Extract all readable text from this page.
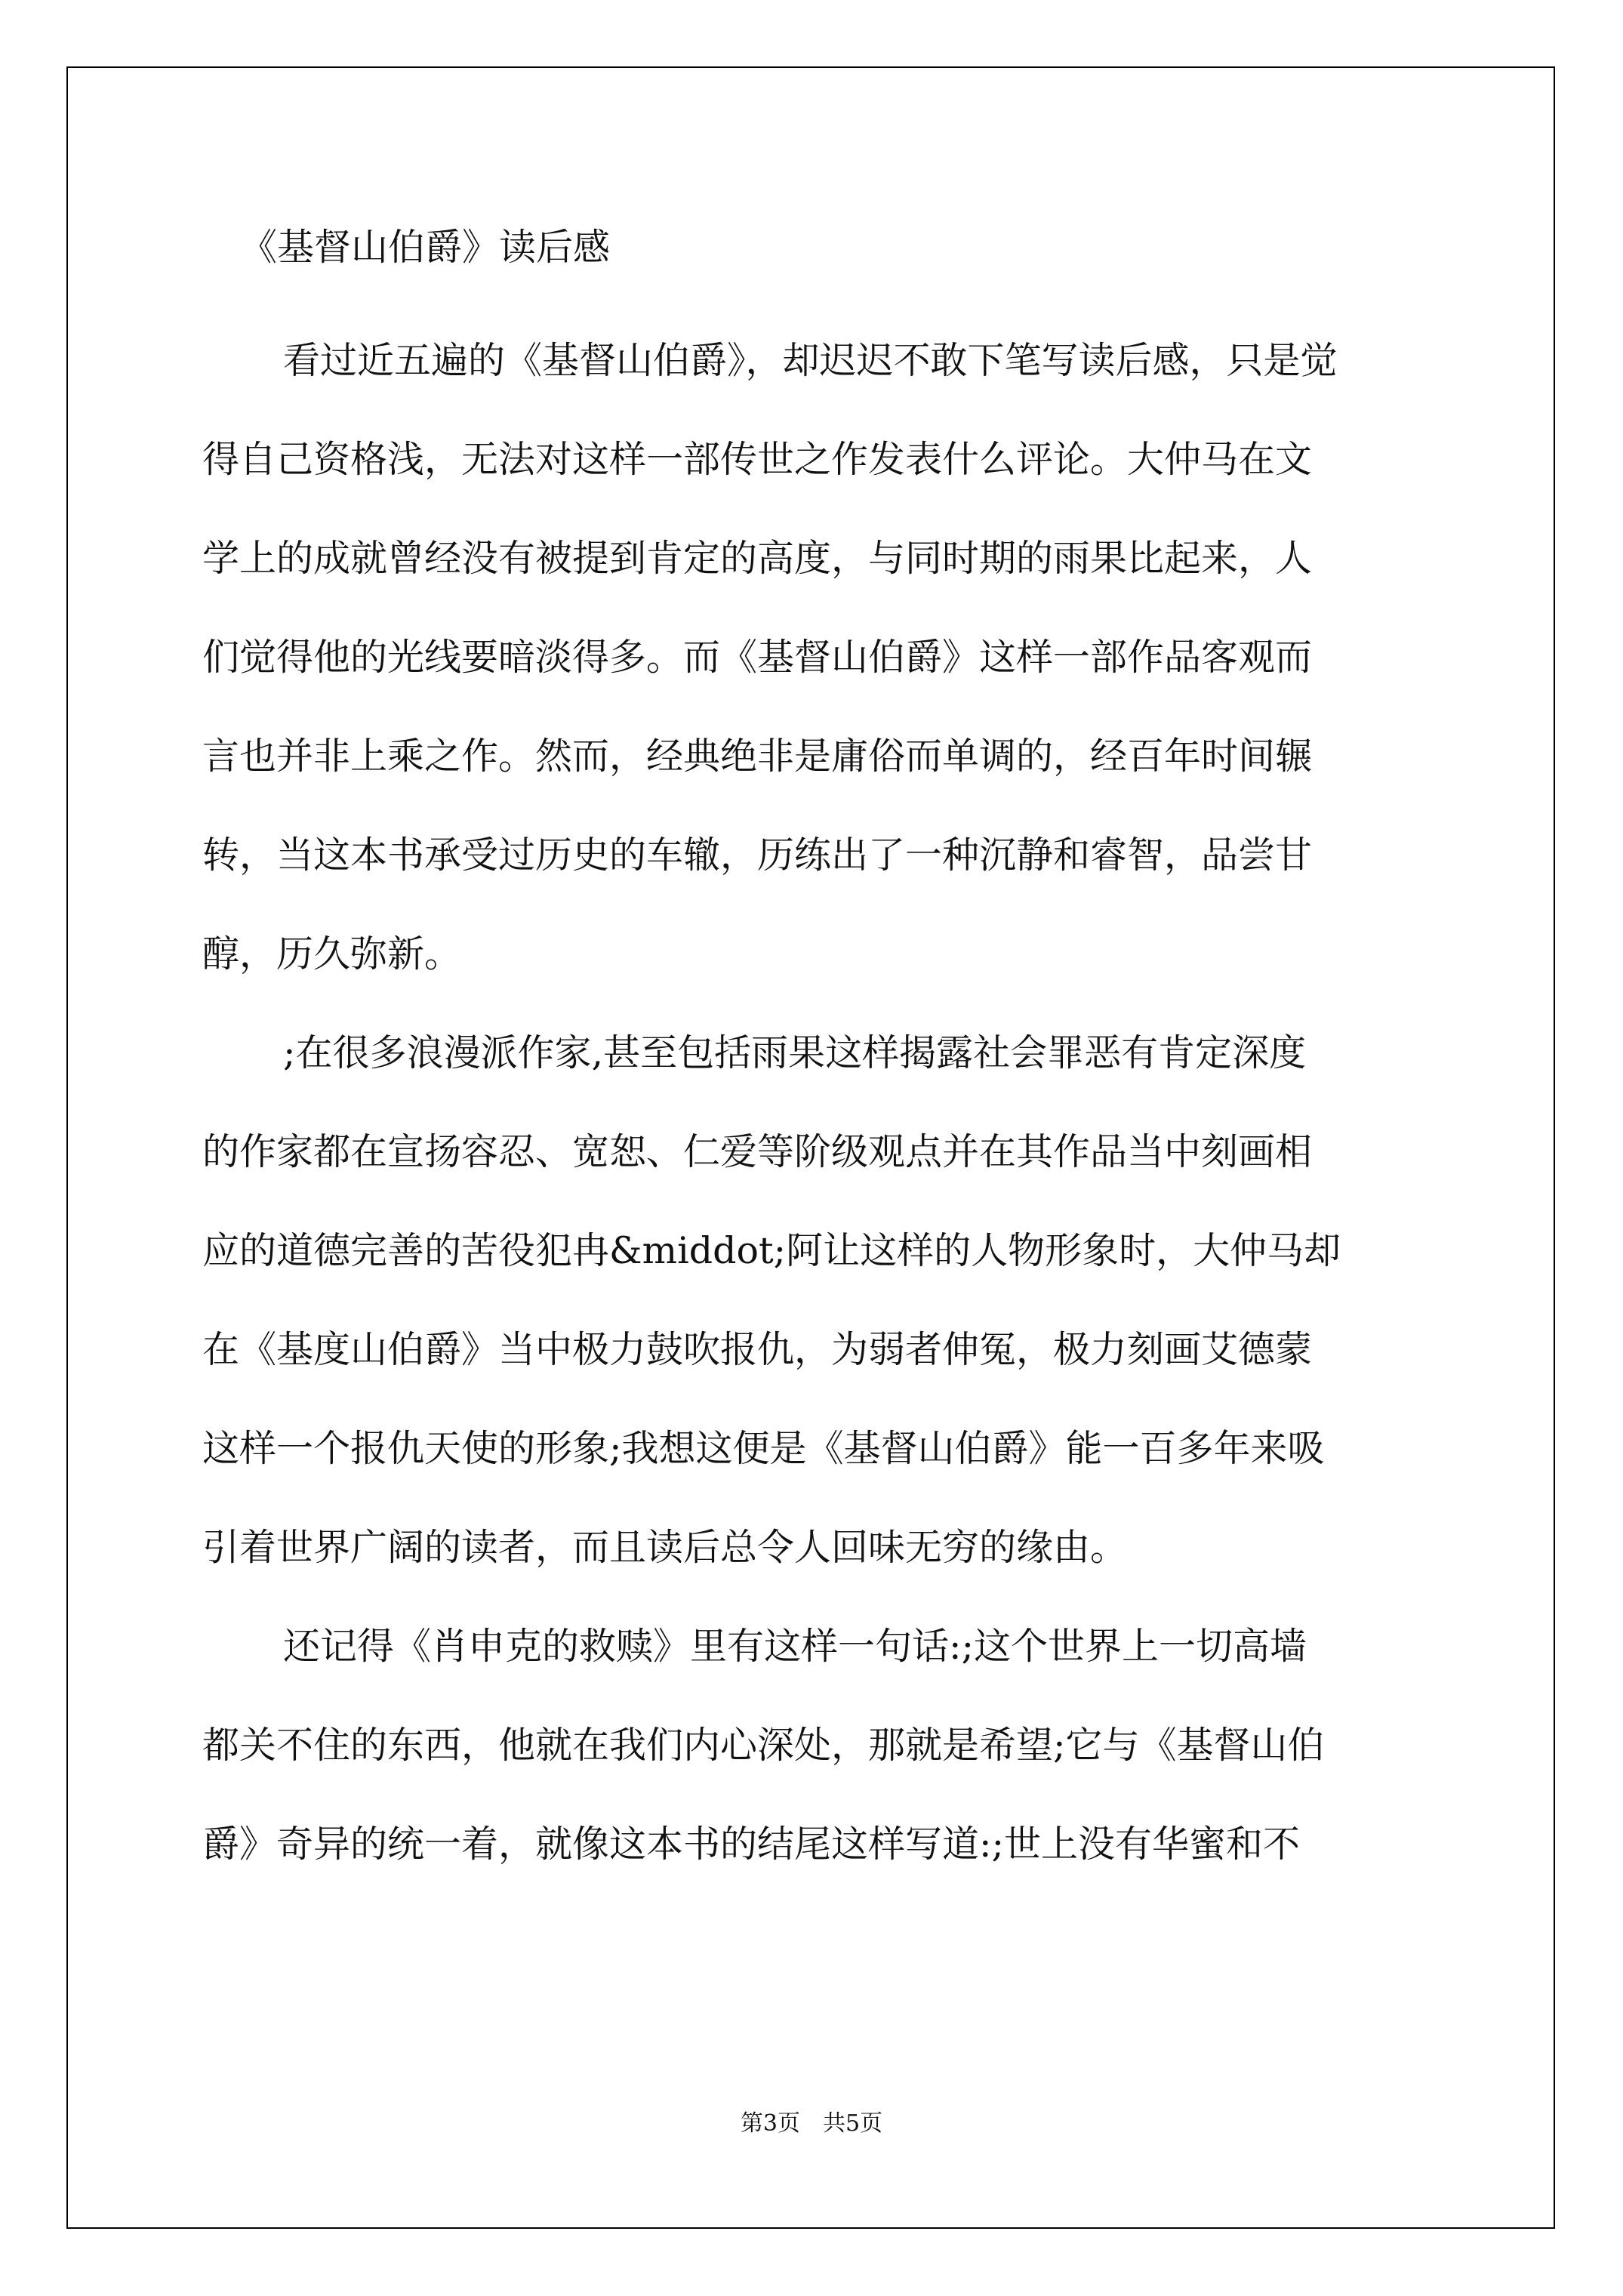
《基督山伯爵》读后感

看过近五遍的《基督山伯爵》，却迟迟不敢下笔写读后感，只是觉

得自己资格浅，无法对这样一部传世之作发表什么评论。大仲马在文

学上的成就曾经没有被提到肯定的高度，与同时期的雨果比起来，人

们觉得他的光线要暗淡得多。而《基督山伯爵》这样一部作品客观而

言也并非上乘之作。然而，经典绝非是庸俗而单调的，经百年时间辗

转，当这本书承受过历史的车辙，历练出了一种沉静和睿智，品尝甘

醇，历久弥新。

;在很多浪漫派作家,甚至包括雨果这样揭露社会罪恶有肯定深度

的作家都在宣扬容忍、宽恕、仁爱等阶级观点并在其作品当中刻画相

应的道德完善的苦役犯冉&middot;阿让这样的人物形象时，大仲马却

在《基度山伯爵》当中极力鼓吹报仇，为弱者伸冤，极力刻画艾德蒙

这样一个报仇天使的形象;我想这便是《基督山伯爵》能一百多年来吸

引着世界广阔的读者，而且读后总令人回味无穷的缘由。

还记得《肖申克的救赎》里有这样一句话:;这个世界上一切高墙

都关不住的东西，他就在我们内心深处，那就是希望;它与《基督山伯

爵》奇异的统一着，就像这本书的结尾这样写道:;世上没有华蜜和不

第3页　共5页
